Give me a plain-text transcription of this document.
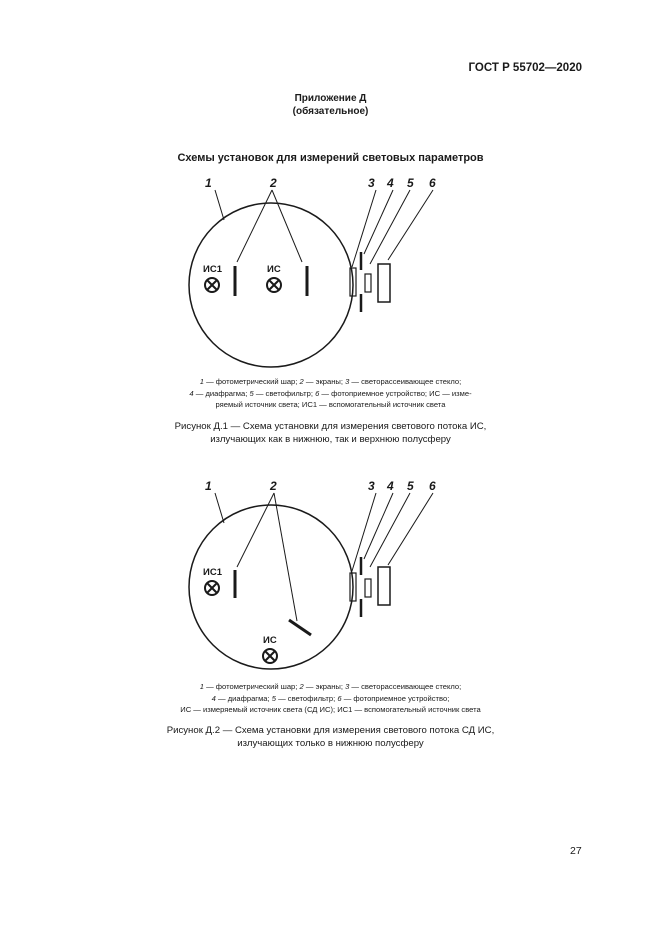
ГОСТ Р 55702—2020
Приложение Д
(обязательное)
Схемы установок для измерений световых параметров
1	2	3 4 5 6
ИС1	ИС
1 — фотометрический шар; 2 — экраны; 3 — светорассеивающее стекло;
4 — диафрагма; 5 — светофильтр; 6 — фотоприемное устройство; ИС — изме-
ряемый источник света; ИС1 — вспомогательный источник света
Рисунок Д.1 — Схема установки для измерения светового потока ИС,
излучающих как в нижнюю, так и верхнюю полусферу
1	2	3 4 5 6
ИС1
ИС
1 — фотометрический шар; 2 — экраны; 3 — светорассеивающее стекло;
4 — диафрагма; 5 — светофильтр; 6 — фотоприемное устройство;
ИС — измеряемый источник света (СД ИС); ИС1 — вспомогательный источник света
Рисунок Д.2 — Схема установки для измерения светового потока СД ИС,
излучающих только в нижнюю полусферу
27
